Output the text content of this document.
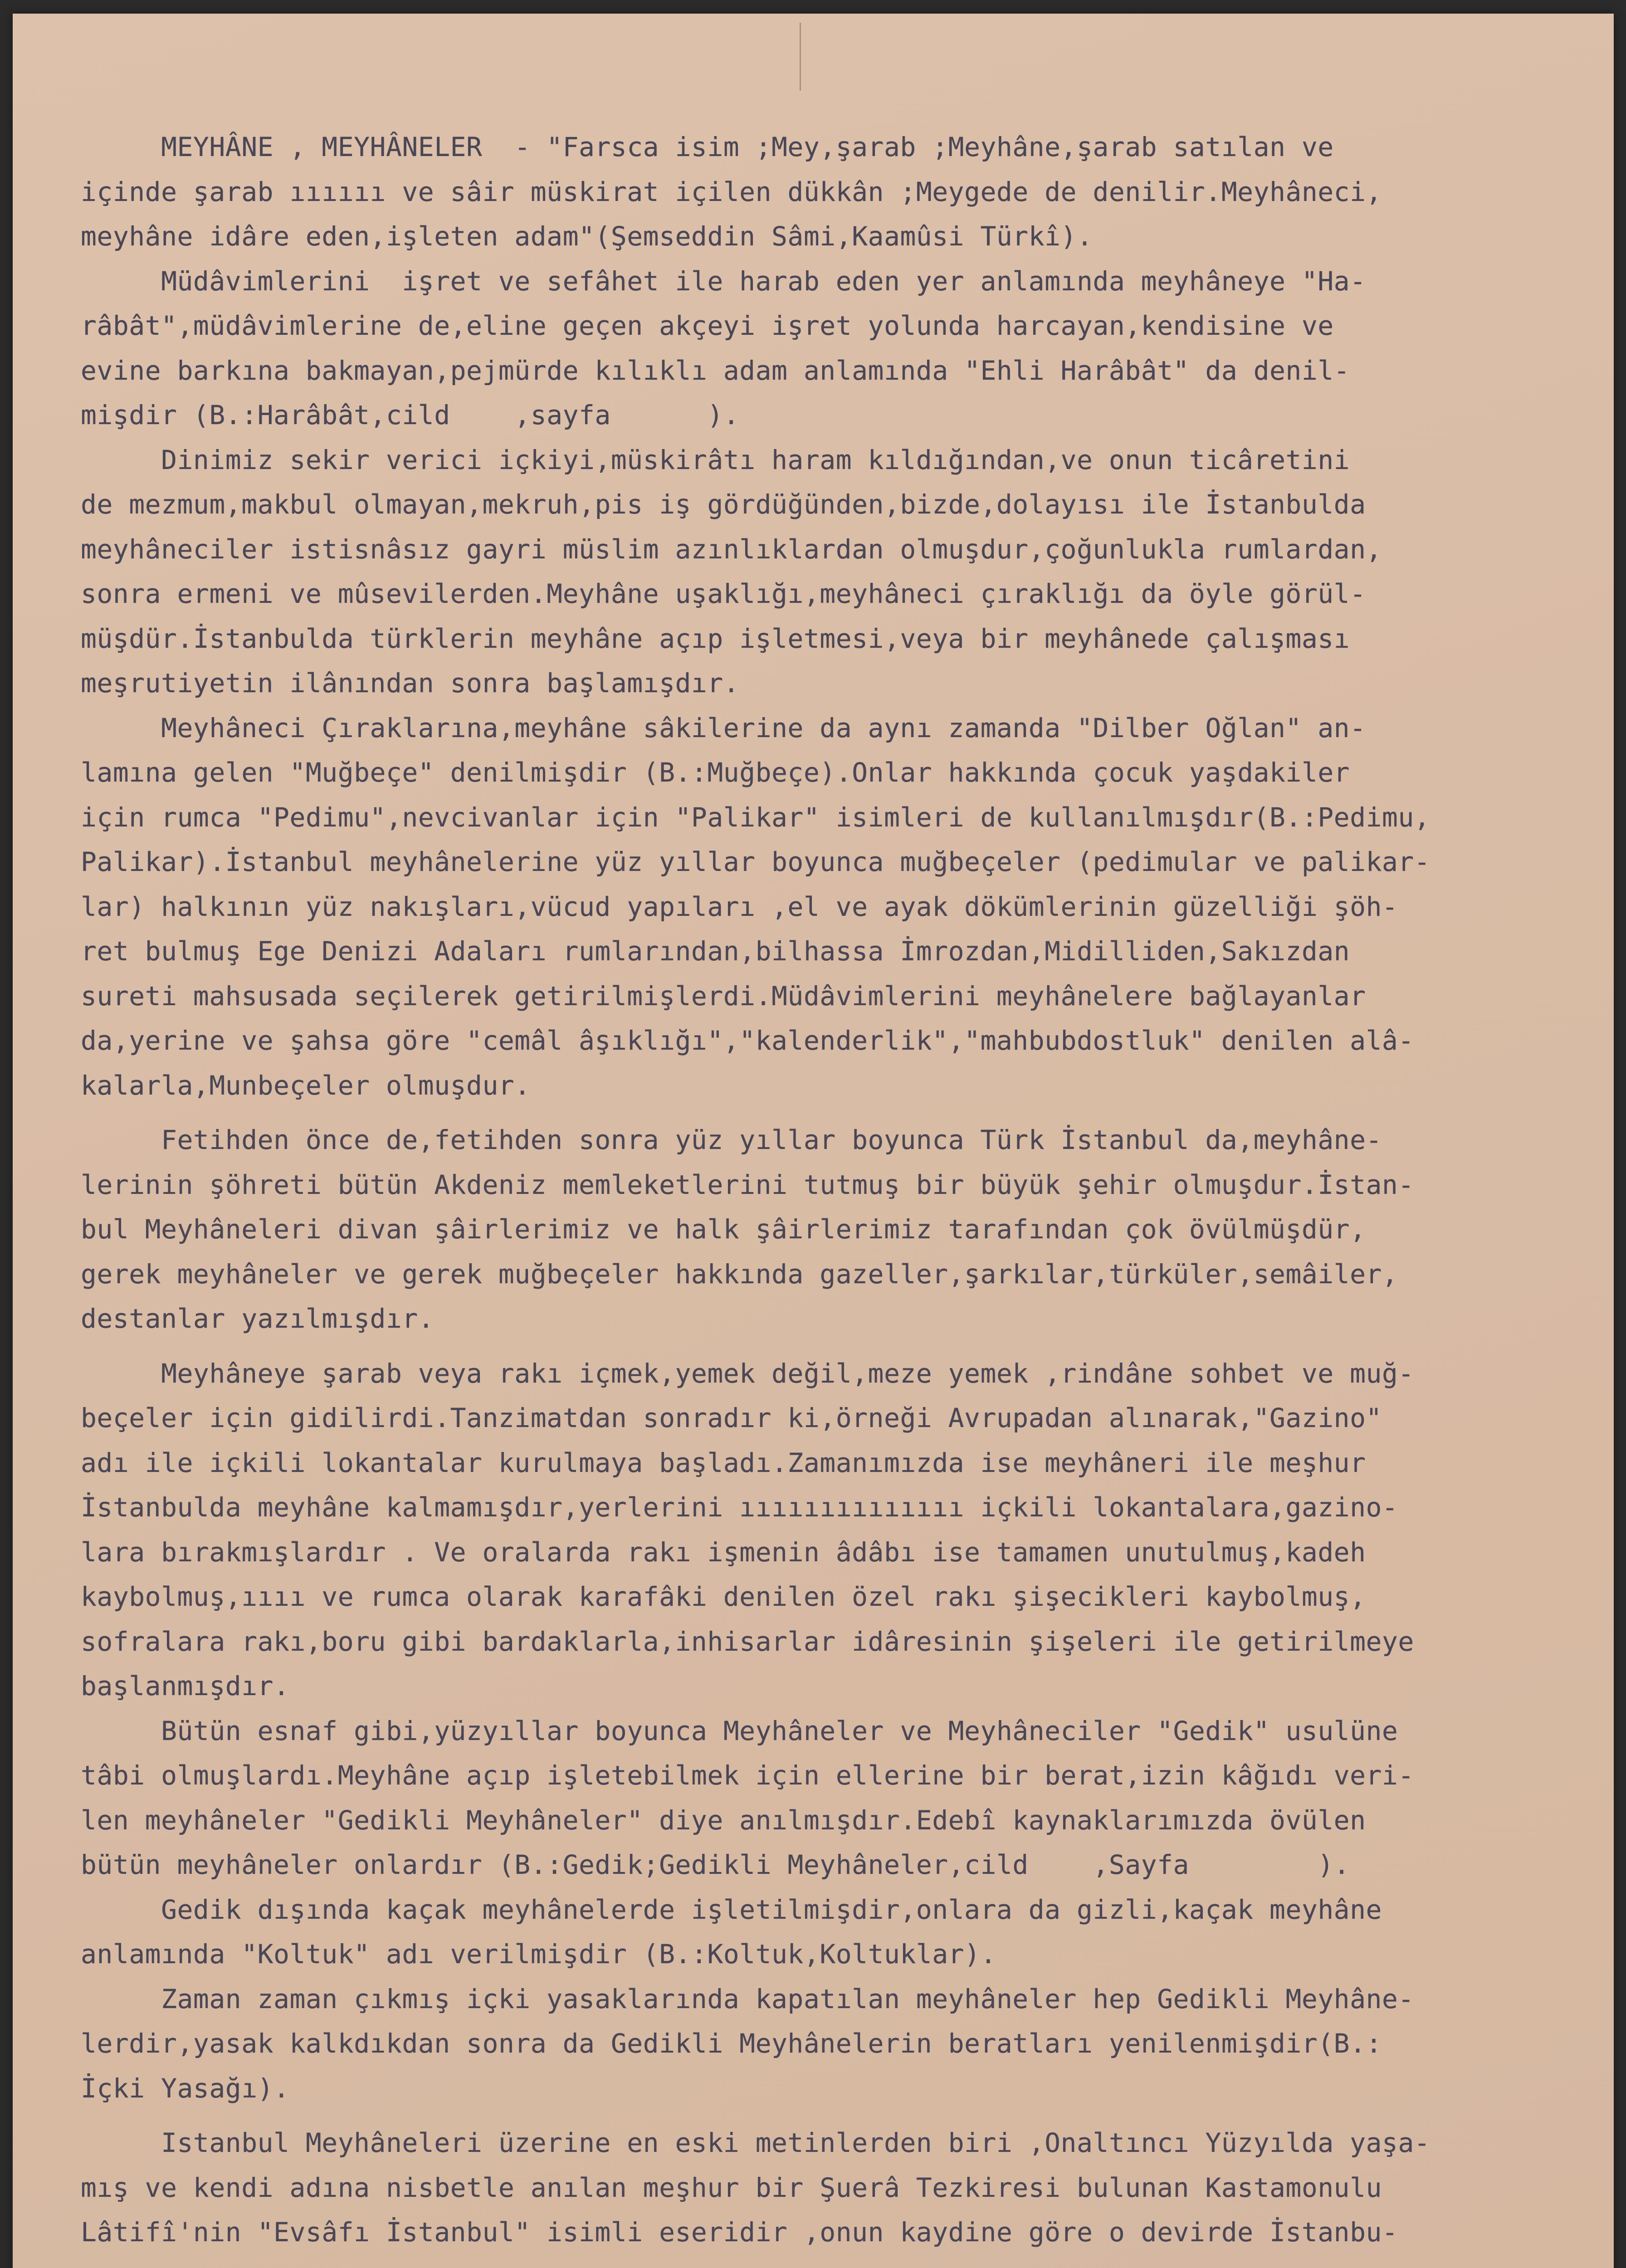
MEYHÂNE , MEYHÂNELER  - "Farsca isim ;Mey,şarab ;Meyhâne,şarab satılan ve
içinde şarab ıııııı ve sâir müskirat içilen dükkân ;Meygede de denilir.Meyhâneci,
meyhâne idâre eden,işleten adam"(Şemseddin Sâmi,Kaamûsi Türkî).
Müdâvimlerini  işret ve sefâhet ile harab eden yer anlamında meyhâneye "Ha-
râbât",müdâvimlerine de,eline geçen akçeyi işret yolunda harcayan,kendisine ve
evine barkına bakmayan,pejmürde kılıklı adam anlamında "Ehli Harâbât" da denil-
mişdir (B.:Harâbât,cild    ,sayfa      ).
Dinimiz sekir verici içkiyi,müskirâtı haram kıldığından,ve onun ticâretini
de mezmum,makbul olmayan,mekruh,pis iş gördüğünden,bizde,dolayısı ile İstanbulda
meyhâneciler istisnâsız gayri müslim azınlıklardan olmuşdur,çoğunlukla rumlardan,
sonra ermeni ve mûsevilerden.Meyhâne uşaklığı,meyhâneci çıraklığı da öyle görül-
müşdür.İstanbulda türklerin meyhâne açıp işletmesi,veya bir meyhânede çalışması
meşrutiyetin ilânından sonra başlamışdır.
Meyhâneci Çıraklarına,meyhâne sâkilerine da aynı zamanda "Dilber Oğlan" an-
lamına gelen "Muğbeçe" denilmişdir (B.:Muğbeçe).Onlar hakkında çocuk yaşdakiler
için rumca "Pedimu",nevcivanlar için "Palikar" isimleri de kullanılmışdır(B.:Pedimu,
Palikar).İstanbul meyhânelerine yüz yıllar boyunca muğbeçeler (pedimular ve palikar-
lar) halkının yüz nakışları,vücud yapıları ,el ve ayak dökümlerinin güzelliği şöh-
ret bulmuş Ege Denizi Adaları rumlarından,bilhassa İmrozdan,Midilliden,Sakızdan
sureti mahsusada seçilerek getirilmişlerdi.Müdâvimlerini meyhânelere bağlayanlar
da,yerine ve şahsa göre "cemâl âşıklığı","kalenderlik","mahbubdostluk" denilen alâ-
kalarla,Munbeçeler olmuşdur.
Fetihden önce de,fetihden sonra yüz yıllar boyunca Türk İstanbul da,meyhâne-
lerinin şöhreti bütün Akdeniz memleketlerini tutmuş bir büyük şehir olmuşdur.İstan-
bul Meyhâneleri divan şâirlerimiz ve halk şâirlerimiz tarafından çok övülmüşdür,
gerek meyhâneler ve gerek muğbeçeler hakkında gazeller,şarkılar,türküler,semâiler,
destanlar yazılmışdır.
Meyhâneye şarab veya rakı içmek,yemek değil,meze yemek ,rindâne sohbet ve muğ-
beçeler için gidilirdi.Tanzimatdan sonradır ki,örneği Avrupadan alınarak,"Gazino"
adı ile içkili lokantalar kurulmaya başladı.Zamanımızda ise meyhâneri ile meşhur
İstanbulda meyhâne kalmamışdır,yerlerini ıııııııııııııı içkili lokantalara,gazino-
lara bırakmışlardır . Ve oralarda rakı işmenin âdâbı ise tamamen unutulmuş,kadeh
kaybolmuş,ıııı ve rumca olarak karafâki denilen özel rakı şişecikleri kaybolmuş,
sofralara rakı,boru gibi bardaklarla,inhisarlar idâresinin şişeleri ile getirilmeye
başlanmışdır.
Bütün esnaf gibi,yüzyıllar boyunca Meyhâneler ve Meyhâneciler "Gedik" usulüne
tâbi olmuşlardı.Meyhâne açıp işletebilmek için ellerine bir berat,izin kâğıdı veri-
len meyhâneler "Gedikli Meyhâneler" diye anılmışdır.Edebî kaynaklarımızda övülen
bütün meyhâneler onlardır (B.:Gedik;Gedikli Meyhâneler,cild    ,Sayfa        ).
Gedik dışında kaçak meyhânelerde işletilmişdir,onlara da gizli,kaçak meyhâne
anlamında "Koltuk" adı verilmişdir (B.:Koltuk,Koltuklar).
Zaman zaman çıkmış içki yasaklarında kapatılan meyhâneler hep Gedikli Meyhâne-
lerdir,yasak kalkdıkdan sonra da Gedikli Meyhânelerin beratları yenilenmişdir(B.:
İçki Yasağı).
Istanbul Meyhâneleri üzerine en eski metinlerden biri ,Onaltıncı Yüzyılda yaşa-
mış ve kendi adına nisbetle anılan meşhur bir Şuerâ Tezkiresi bulunan Kastamonulu
Lâtifî'nin "Evsâfı İstanbul" isimli eseridir ,onun kaydine göre o devirde İstanbu-
